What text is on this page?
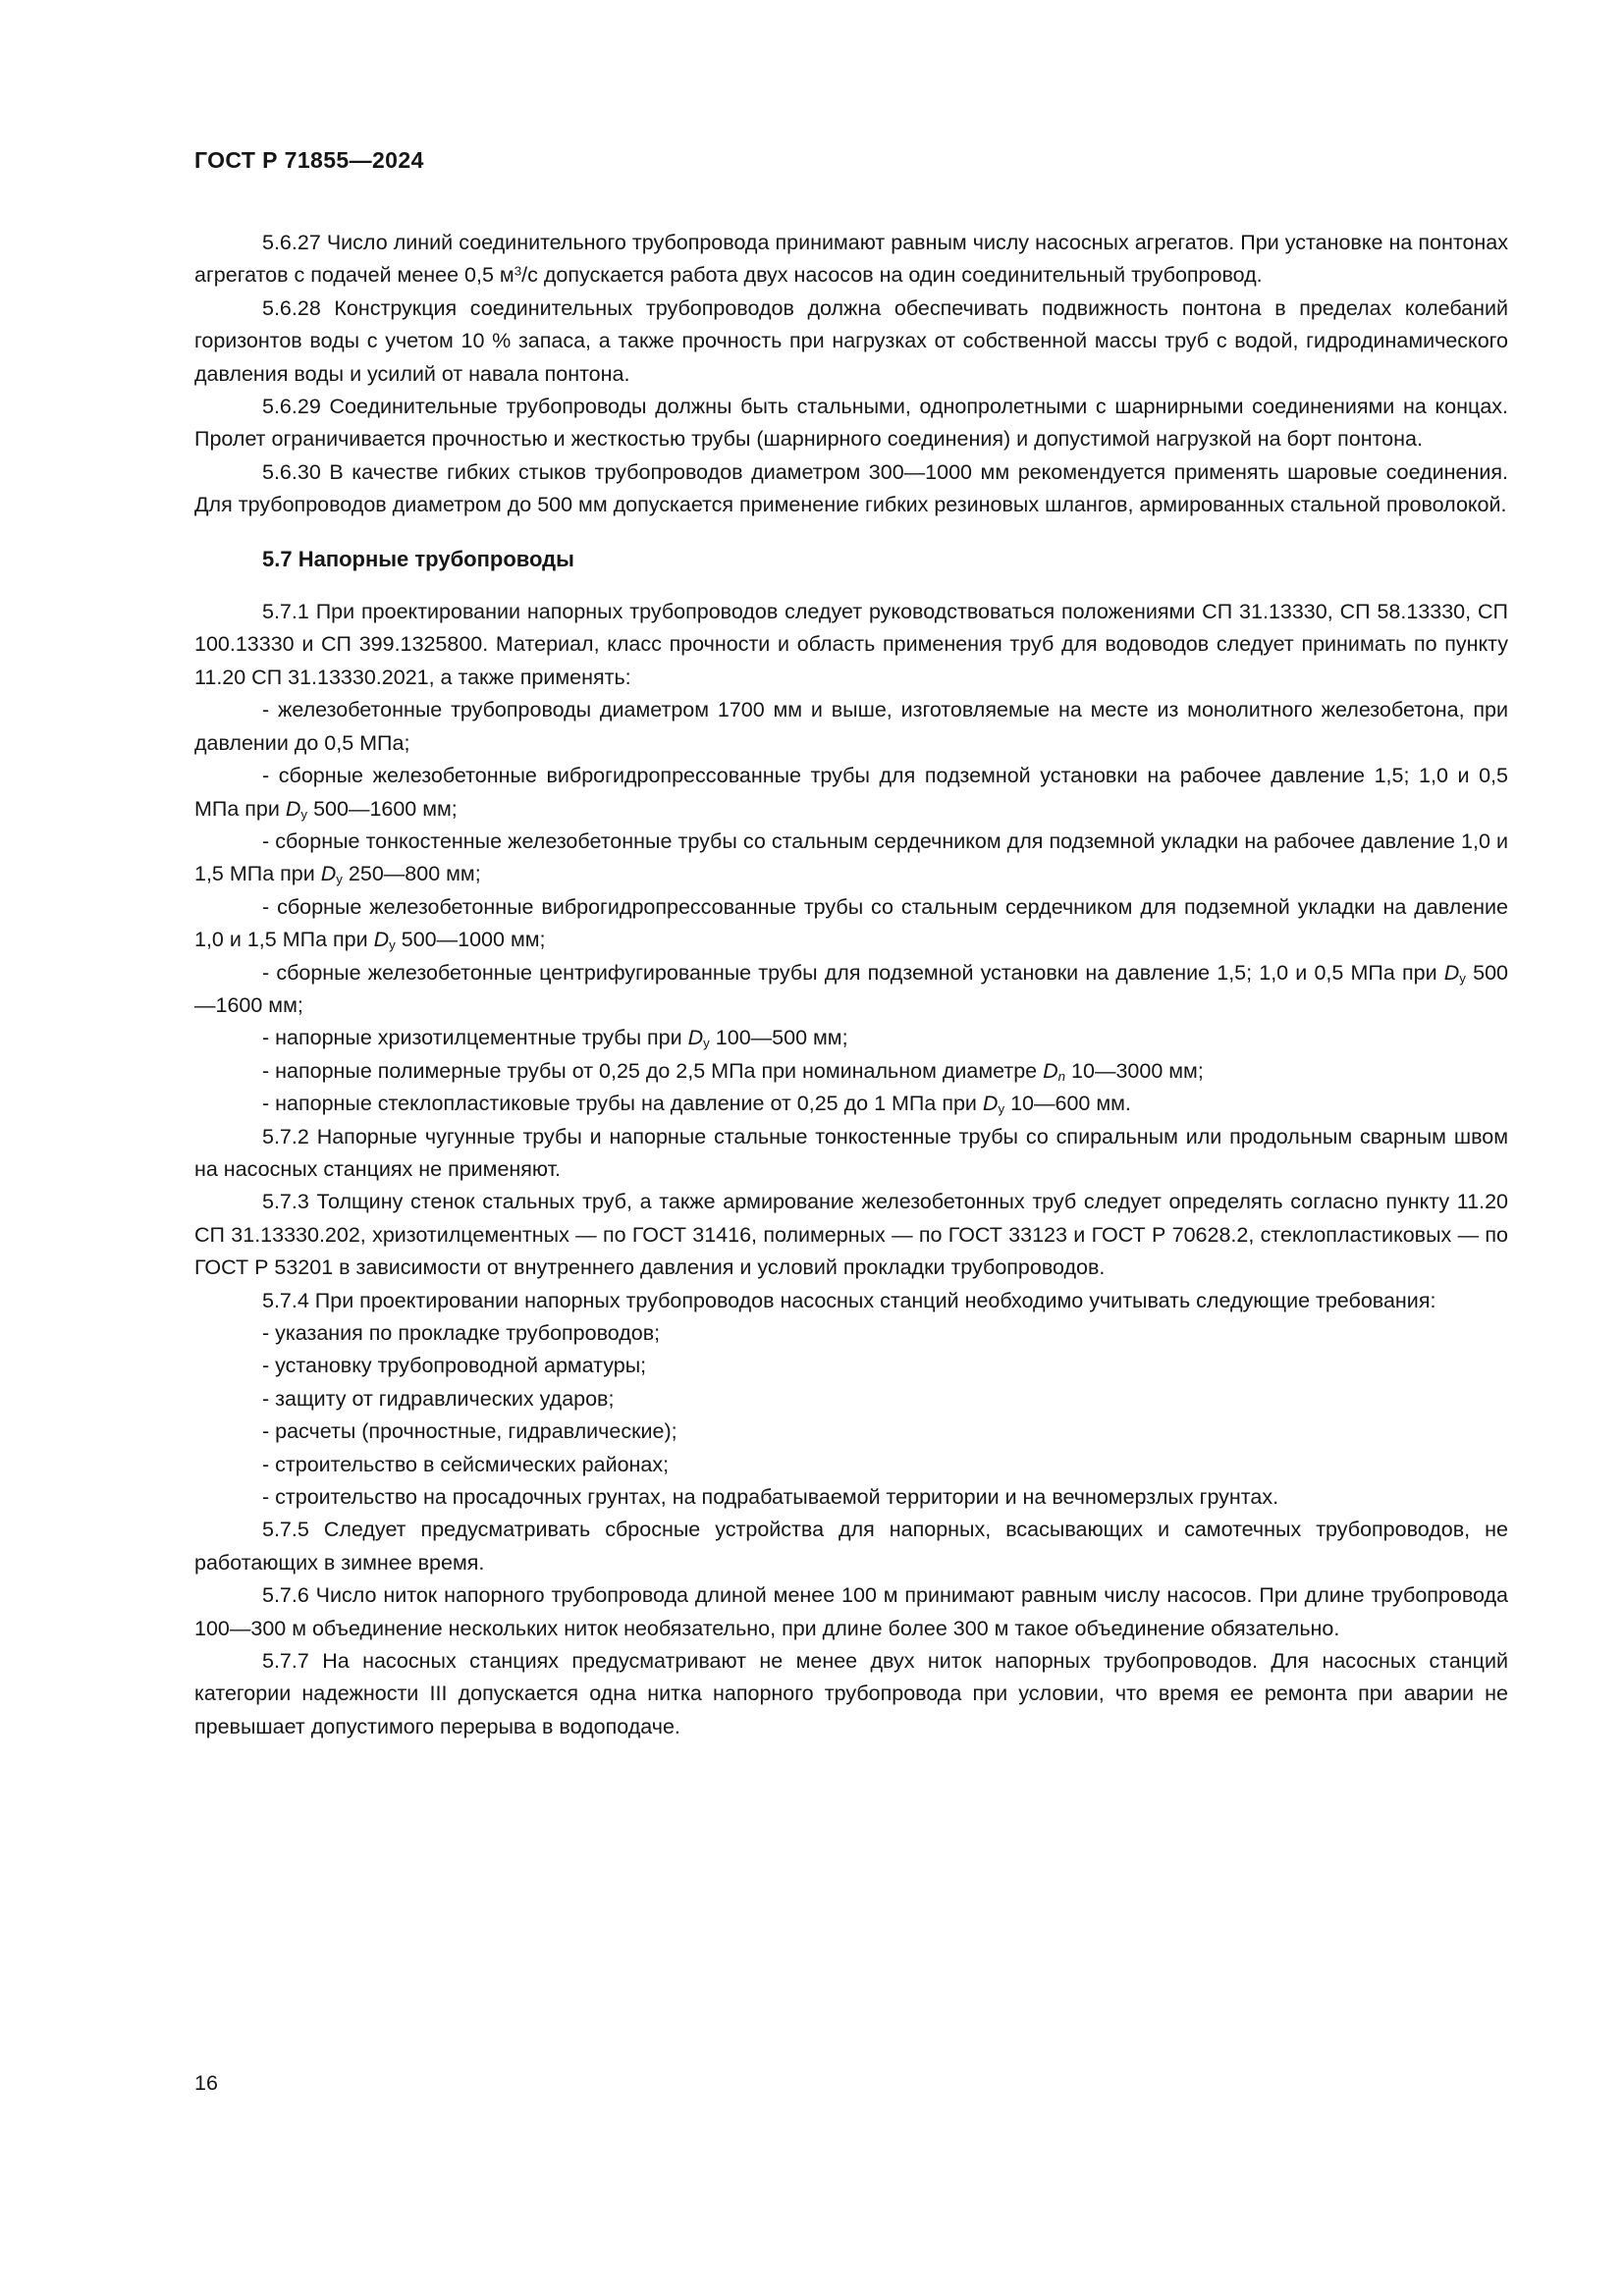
ГОСТ Р 71855—2024

5.6.27 Число линий соединительного трубопровода принимают равным числу насосных агрегатов. При установке на понтонах агрегатов с подачей менее 0,5 $м^3/с$ допускается работа двух насосов на один соединительный трубопровод.

5.6.28 Конструкция соединительных трубопроводов должна обеспечивать подвижность понтона в пределах колебаний горизонтов воды с учетом 10 % запаса, а также прочность при нагрузках от собственной массы труб с водой, гидродинамического давления воды и усилий от навала понтона.

5.6.29 Соединительные трубопроводы должны быть стальными, однопролетными с шарнирными соединениями на концах. Пролет ограничивается прочностью и жесткостью трубы (шарнирного соединения) и допустимой нагрузкой на борт понтона.

5.6.30 В качестве гибких стыков трубопроводов диаметром 300—1000 мм рекомендуется применять шаровые соединения. Для трубопроводов диаметром до 500 мм допускается применение гибких резиновых шлангов, армированных стальной проволокой.

5.7 Напорные трубопроводы

5.7.1 При проектировании напорных трубопроводов следует руководствоваться положениями СП 31.13330, СП 58.13330, СП 100.13330 и СП 399.1325800. Материал, класс прочности и область применения труб для водоводов следует принимать по пункту 11.20 СП 31.13330.2021, а также применять:

- железобетонные трубопроводы диаметром 1700 мм и выше, изготовляемые на месте из монолитного железобетона, при давлении до 0,5 МПа;

- сборные железобетонные виброгидропрессованные трубы для подземной установки на рабочее давление 1,5; 1,0 и 0,5 МПа при $D_у$ 500—1600 мм;

- сборные тонкостенные железобетонные трубы со стальным сердечником для подземной укладки на рабочее давление 1,0 и 1,5 МПа при $D_у$ 250—800 мм;

- сборные железобетонные виброгидропрессованные трубы со стальным сердечником для подземной укладки на давление 1,0 и 1,5 МПа при $D_у$ 500—1000 мм;

- сборные железобетонные центрифугированные трубы для подземной установки на давление 1,5; 1,0 и 0,5 МПа при $D_у$ 500—1600 мм;

- напорные хризотилцементные трубы при $D_у$ 100—500 мм;

- напорные полимерные трубы от 0,25 до 2,5 МПа при номинальном диаметре $D_n$ 10—3000 мм;

- напорные стеклопластиковые трубы на давление от 0,25 до 1 МПа при $D_у$ 10—600 мм.

5.7.2 Напорные чугунные трубы и напорные стальные тонкостенные трубы со спиральным или продольным сварным швом на насосных станциях не применяют.

5.7.3 Толщину стенок стальных труб, а также армирование железобетонных труб следует определять согласно пункту 11.20 СП 31.13330.202, хризотилцементных — по ГОСТ 31416, полимерных — по ГОСТ 33123 и ГОСТ Р 70628.2, стеклопластиковых — по ГОСТ Р 53201 в зависимости от внутреннего давления и условий прокладки трубопроводов.

5.7.4 При проектировании напорных трубопроводов насосных станций необходимо учитывать следующие требования:

- указания по прокладке трубопроводов;

- установку трубопроводной арматуры;

- защиту от гидравлических ударов;

- расчеты (прочностные, гидравлические);

- строительство в сейсмических районах;

- строительство на просадочных грунтах, на подрабатываемой территории и на вечномерзлых грунтах.

5.7.5 Следует предусматривать сбросные устройства для напорных, всасывающих и самотечных трубопроводов, не работающих в зимнее время.

5.7.6 Число ниток напорного трубопровода длиной менее 100 м принимают равным числу насосов. При длине трубопровода 100—300 м объединение нескольких ниток необязательно, при длине более 300 м такое объединение обязательно.

5.7.7 На насосных станциях предусматривают не менее двух ниток напорных трубопроводов. Для насосных станций категории надежности III допускается одна нитка напорного трубопровода при условии, что время ее ремонта при аварии не превышает допустимого перерыва в водоподаче.

16
